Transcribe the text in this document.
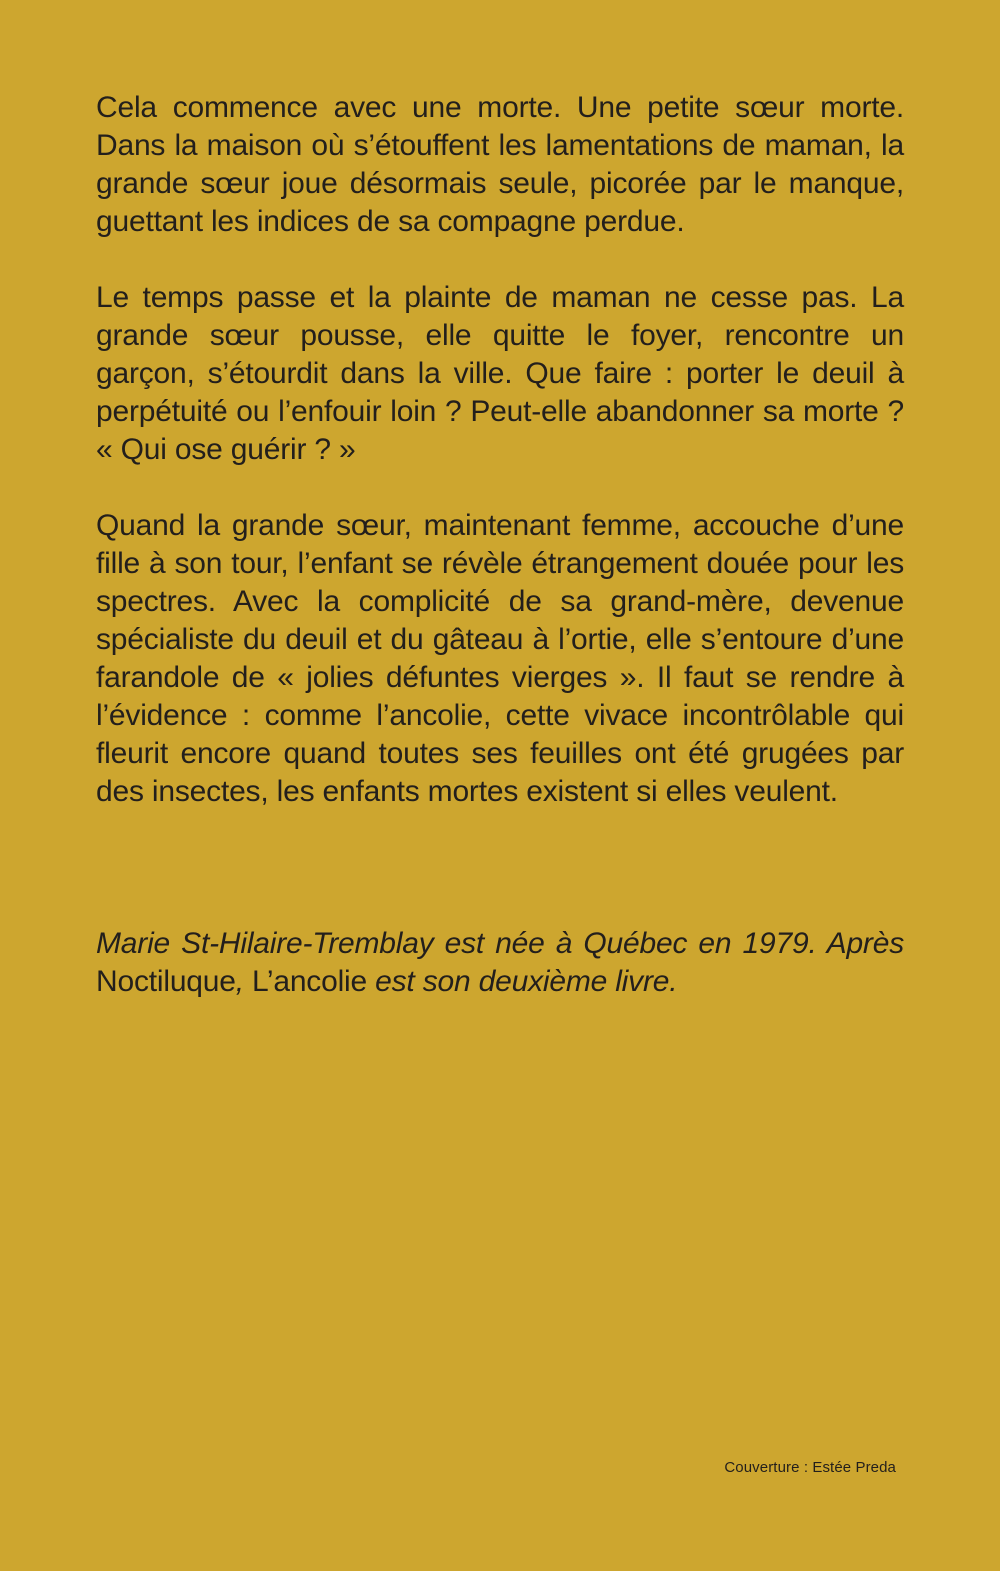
Cela commence avec une morte. Une petite sœur morte. Dans la maison où s’étouffent les lamentations de maman, la grande sœur joue désormais seule, picorée par le manque, guettant les indices de sa compagne perdue.

Le temps passe et la plainte de maman ne cesse pas. La grande sœur pousse, elle quitte le foyer, rencontre un garçon, s’étourdit dans la ville. Que faire : porter le deuil à perpétuité ou l’enfouir loin ? Peut-elle abandonner sa morte ? « Qui ose guérir ? »

Quand la grande sœur, maintenant femme, accouche d’une fille à son tour, l’enfant se révèle étrangement douée pour les spectres. Avec la complicité de sa grand-mère, devenue spécialiste du deuil et du gâteau à l’ortie, elle s’entoure d’une farandole de « jolies défuntes vierges ». Il faut se rendre à l’évidence : comme l’ancolie, cette vivace incontrôlable qui fleurit encore quand toutes ses feuilles ont été grugées par des insectes, les enfants mortes existent si elles veulent.

Marie St-Hilaire-Tremblay est née à Québec en 1979. Après Noctiluque, L’ancolie est son deuxième livre.

Couverture : Estée Preda
